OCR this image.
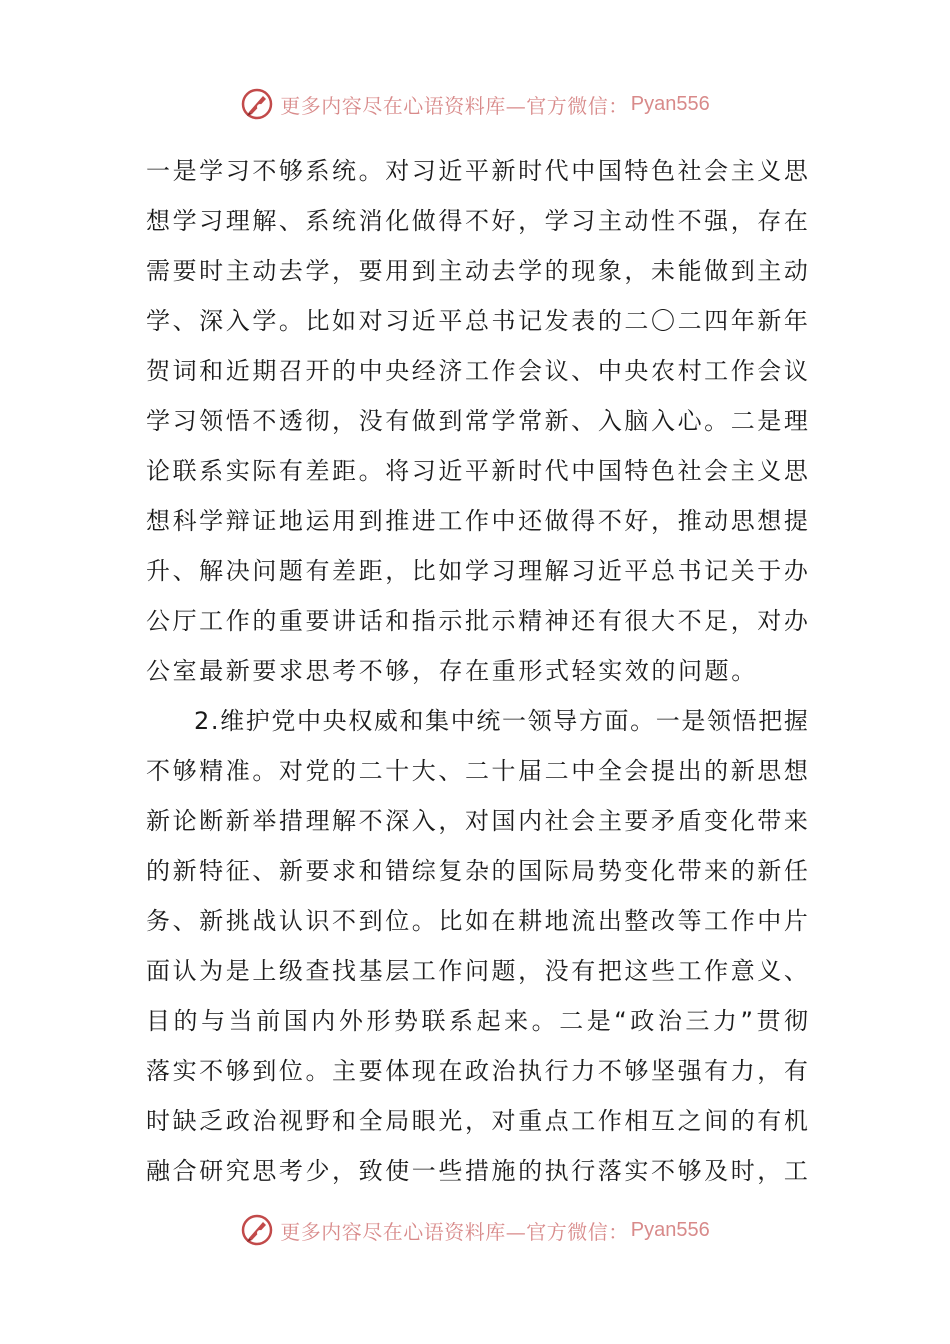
更多内容尽在心语资料库—官方微信： Pyan556
一 是 学 习 不 够 系 统 。 对 习 近 平 新 时 代 中 国 特 色 社 会 主 义 思
想 学 习 理 解 、 系 统 消 化 做 得 不 好 ， 学 习 主 动 性 不 强 ， 存 在
需 要 时 主 动 去 学 ， 要 用 到 主 动 去 学 的 现 象 ， 未 能 做 到 主 动
学 、 深 入 学 。 比 如 对 习 近 平 总 书 记 发 表 的 二 〇 二 四 年 新 年
贺 词 和 近 期 召 开 的 中 央 经 济 工 作 会 议 、 中 央 农 村 工 作 会 议
学 习 领 悟 不 透 彻 ， 没 有 做 到 常 学 常 新 、 入 脑 入 心 。 二 是 理
论 联 系 实 际 有 差 距 。 将 习 近 平 新 时 代 中 国 特 色 社 会 主 义 思
想 科 学 辩 证 地 运 用 到 推 进 工 作 中 还 做 得 不 好 ， 推 动 思 想 提
升 、 解 决 问 题 有 差 距 ， 比 如 学 习 理 解 习 近 平 总 书 记 关 于 办
公 厅 工 作 的 重 要 讲 话 和 指 示 批 示 精 神 还 有 很 大 不 足 ， 对 办
公室最新要求思考不够，存在重形式轻实效的问题。
2 . 维 护 党 中 央 权 威 和 集 中 统 一 领 导 方 面 。 一 是 领 悟 把 握
不 够 精 准 。 对 党 的 二 十 大 、 二 十 届 二 中 全 会 提 出 的 新 思 想
新 论 断 新 举 措 理 解 不 深 入 ， 对 国 内 社 会 主 要 矛 盾 变 化 带 来
的 新 特 征 、 新 要 求 和 错 综 复 杂 的 国 际 局 势 变 化 带 来 的 新 任
务 、 新 挑 战 认 识 不 到 位 。 比 如 在 耕 地 流 出 整 改 等 工 作 中 片
面 认 为 是 上 级 查 找 基 层 工 作 问 题 ， 没 有 把 这 些 工 作 意 义 、
目 的 与 当 前 国 内 外 形 势 联 系 起 来 。 二 是 “ 政 治 三 力 ” 贯 彻
落 实 不 够 到 位 。 主 要 体 现 在 政 治 执 行 力 不 够 坚 强 有 力 ， 有
时 缺 乏 政 治 视 野 和 全 局 眼 光 ， 对 重 点 工 作 相 互 之 间 的 有 机
融 合 研 究 思 考 少 ， 致 使 一 些 措 施 的 执 行 落 实 不 够 及 时 ， 工
更多内容尽在心语资料库—官方微信： Pyan556
